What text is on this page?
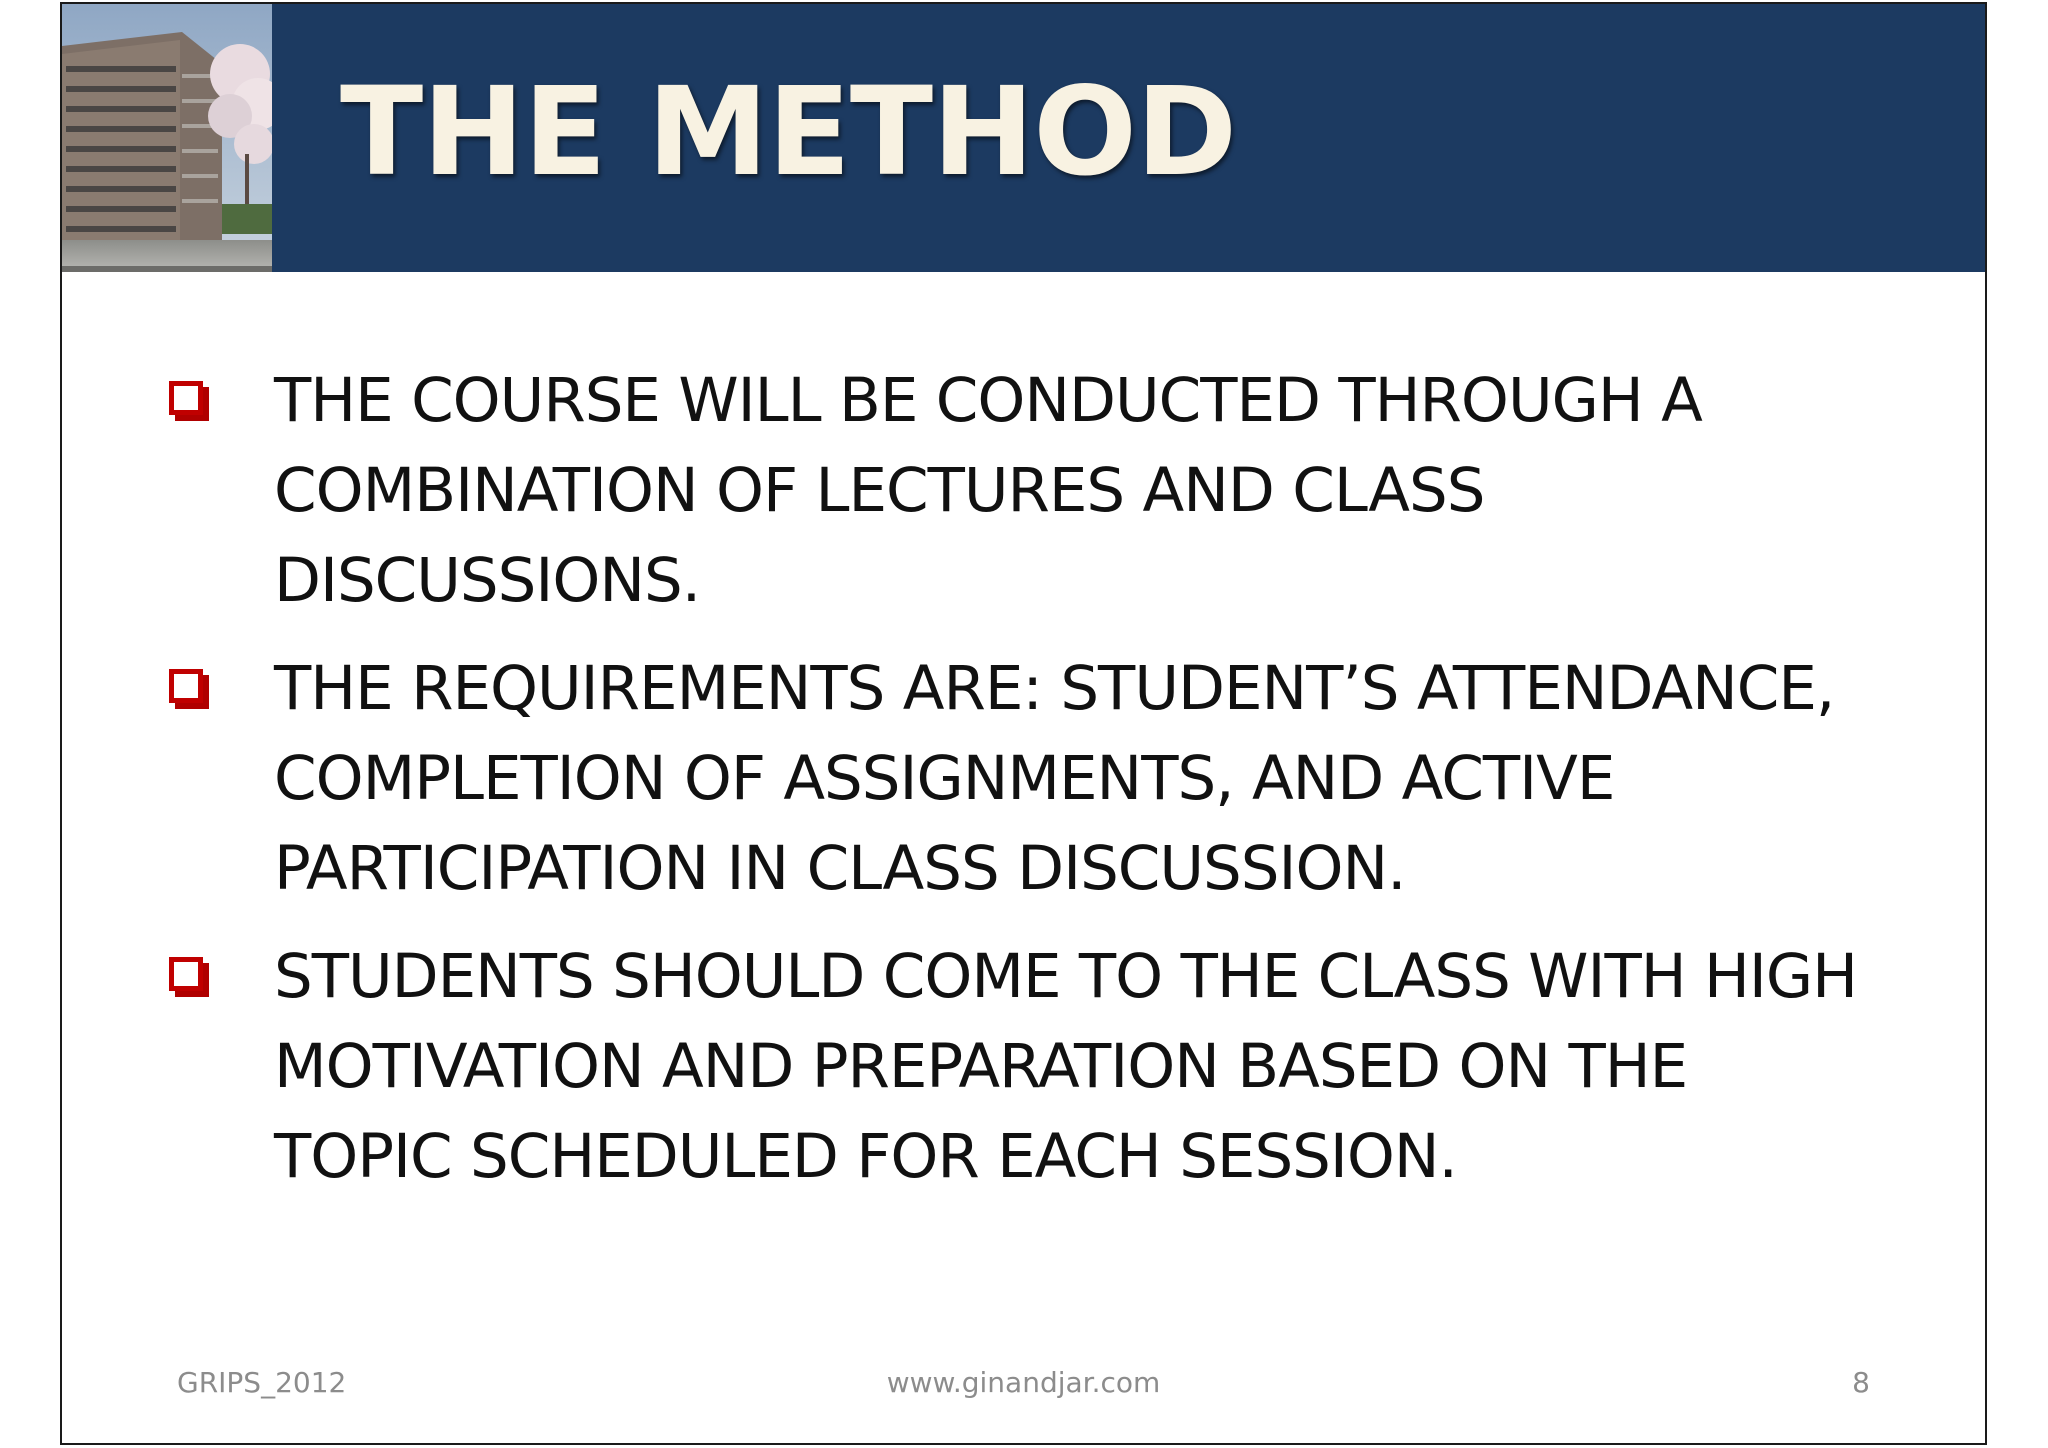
THE METHOD
THE COURSE WILL BE CONDUCTED THROUGH A
COMBINATION OF LECTURES AND CLASS
DISCUSSIONS.
THE REQUIREMENTS ARE: STUDENT’S ATTENDANCE,
COMPLETION OF ASSIGNMENTS, AND ACTIVE
PARTICIPATION IN CLASS DISCUSSION.
STUDENTS SHOULD COME TO THE CLASS WITH HIGH
MOTIVATION AND PREPARATION BASED ON THE
TOPIC SCHEDULED FOR EACH SESSION.
GRIPS_2012	www.ginandjar.com	8
